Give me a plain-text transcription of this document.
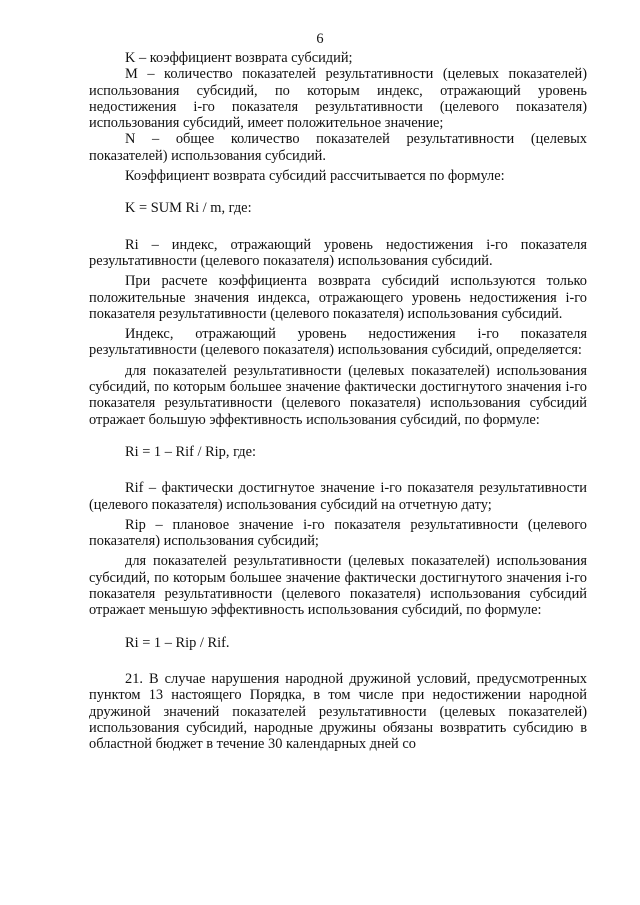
6

K – коэффициент возврата субсидий;

M – количество показателей результативности (целевых показателей) использования субсидий, по которым индекс, отражающий уровень недостижения i-го показателя результативности (целевого показателя) использования субсидий, имеет положительное значение;

N – общее количество показателей результативности (целевых показателей) использования субсидий.

Коэффициент возврата субсидий рассчитывается по формуле:

K = SUM Ri / m, где:

Ri – индекс, отражающий уровень недостижения i-го показателя результативности (целевого показателя) использования субсидий.

При расчете коэффициента возврата субсидий используются только положительные значения индекса, отражающего уровень недостижения i-го показателя результативности (целевого показателя) использования субсидий.

Индекс, отражающий уровень недостижения i-го показателя результативности (целевого показателя) использования субсидий, определяется:

для показателей результативности (целевых показателей) использования субсидий, по которым большее значение фактически достигнутого значения i-го показателя результативности (целевого показателя) использования субсидий отражает большую эффективность использования субсидий, по формуле:

Ri = 1 – Rif / Rip, где:

Rif – фактически достигнутое значение i-го показателя результативности (целевого показателя) использования субсидий на отчетную дату;

Rip – плановое значение i-го показателя результативности (целевого показателя) использования субсидий;

для показателей результативности (целевых показателей) использования субсидий, по которым большее значение фактически достигнутого значения i-го показателя результативности (целевого показателя) использования субсидий отражает меньшую эффективность использования субсидий, по формуле:

Ri = 1 – Rip / Rif.

21. В случае нарушения народной дружиной условий, предусмотренных пунктом 13 настоящего Порядка, в том числе при недостижении народной дружиной значений показателей результативности (целевых показателей) использования субсидий, народные дружины обязаны возвратить субсидию в областной бюджет в течение 30 календарных дней со
